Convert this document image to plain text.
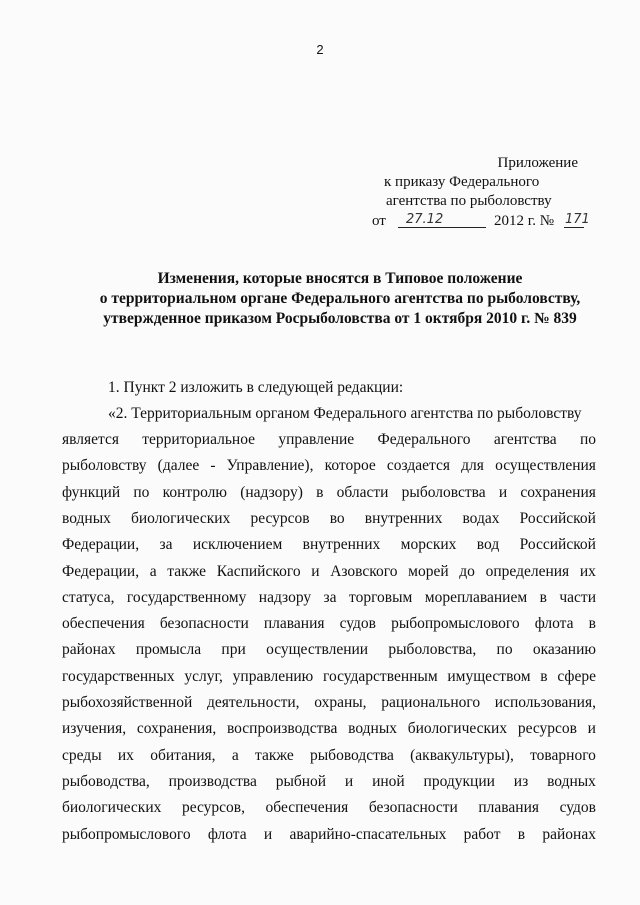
2
Приложение
к приказу Федерального
агентства по рыболовству
от	27.12	2012 г. № 171
Изменения, которые вносятся в Типовое положение
о территориальном органе Федерального агентства по рыболовству,
утвержденное приказом Росрыболовства от 1 октября 2010 г. № 839
1. Пункт 2 изложить в следующей редакции:
«2. Территориальным органом Федерального агентства по рыболовству
является территориальное управление Федерального агентства по
рыболовству (далее - Управление), которое создается для осуществления
функций по контролю (надзору) в области рыболовства и сохранения
водных биологических ресурсов во внутренних водах Российской
Федерации, за исключением внутренних морских вод Российской
Федерации, а также Каспийского и Азовского морей до определения их
статуса, государственному надзору за торговым мореплаванием в части
обеспечения безопасности плавания судов рыбопромыслового флота в
районах промысла при осуществлении рыболовства, по оказанию
государственных услуг, управлению государственным имуществом в сфере
рыбохозяйственной деятельности, охраны, рационального использования,
изучения, сохранения, воспроизводства водных биологических ресурсов и
среды их обитания, а также рыбоводства (аквакультуры), товарного
рыбоводства, производства рыбной и иной продукции из водных
биологических ресурсов, обеспечения безопасности плавания судов
рыбопромыслового флота и аварийно-спасательных работ в районах
